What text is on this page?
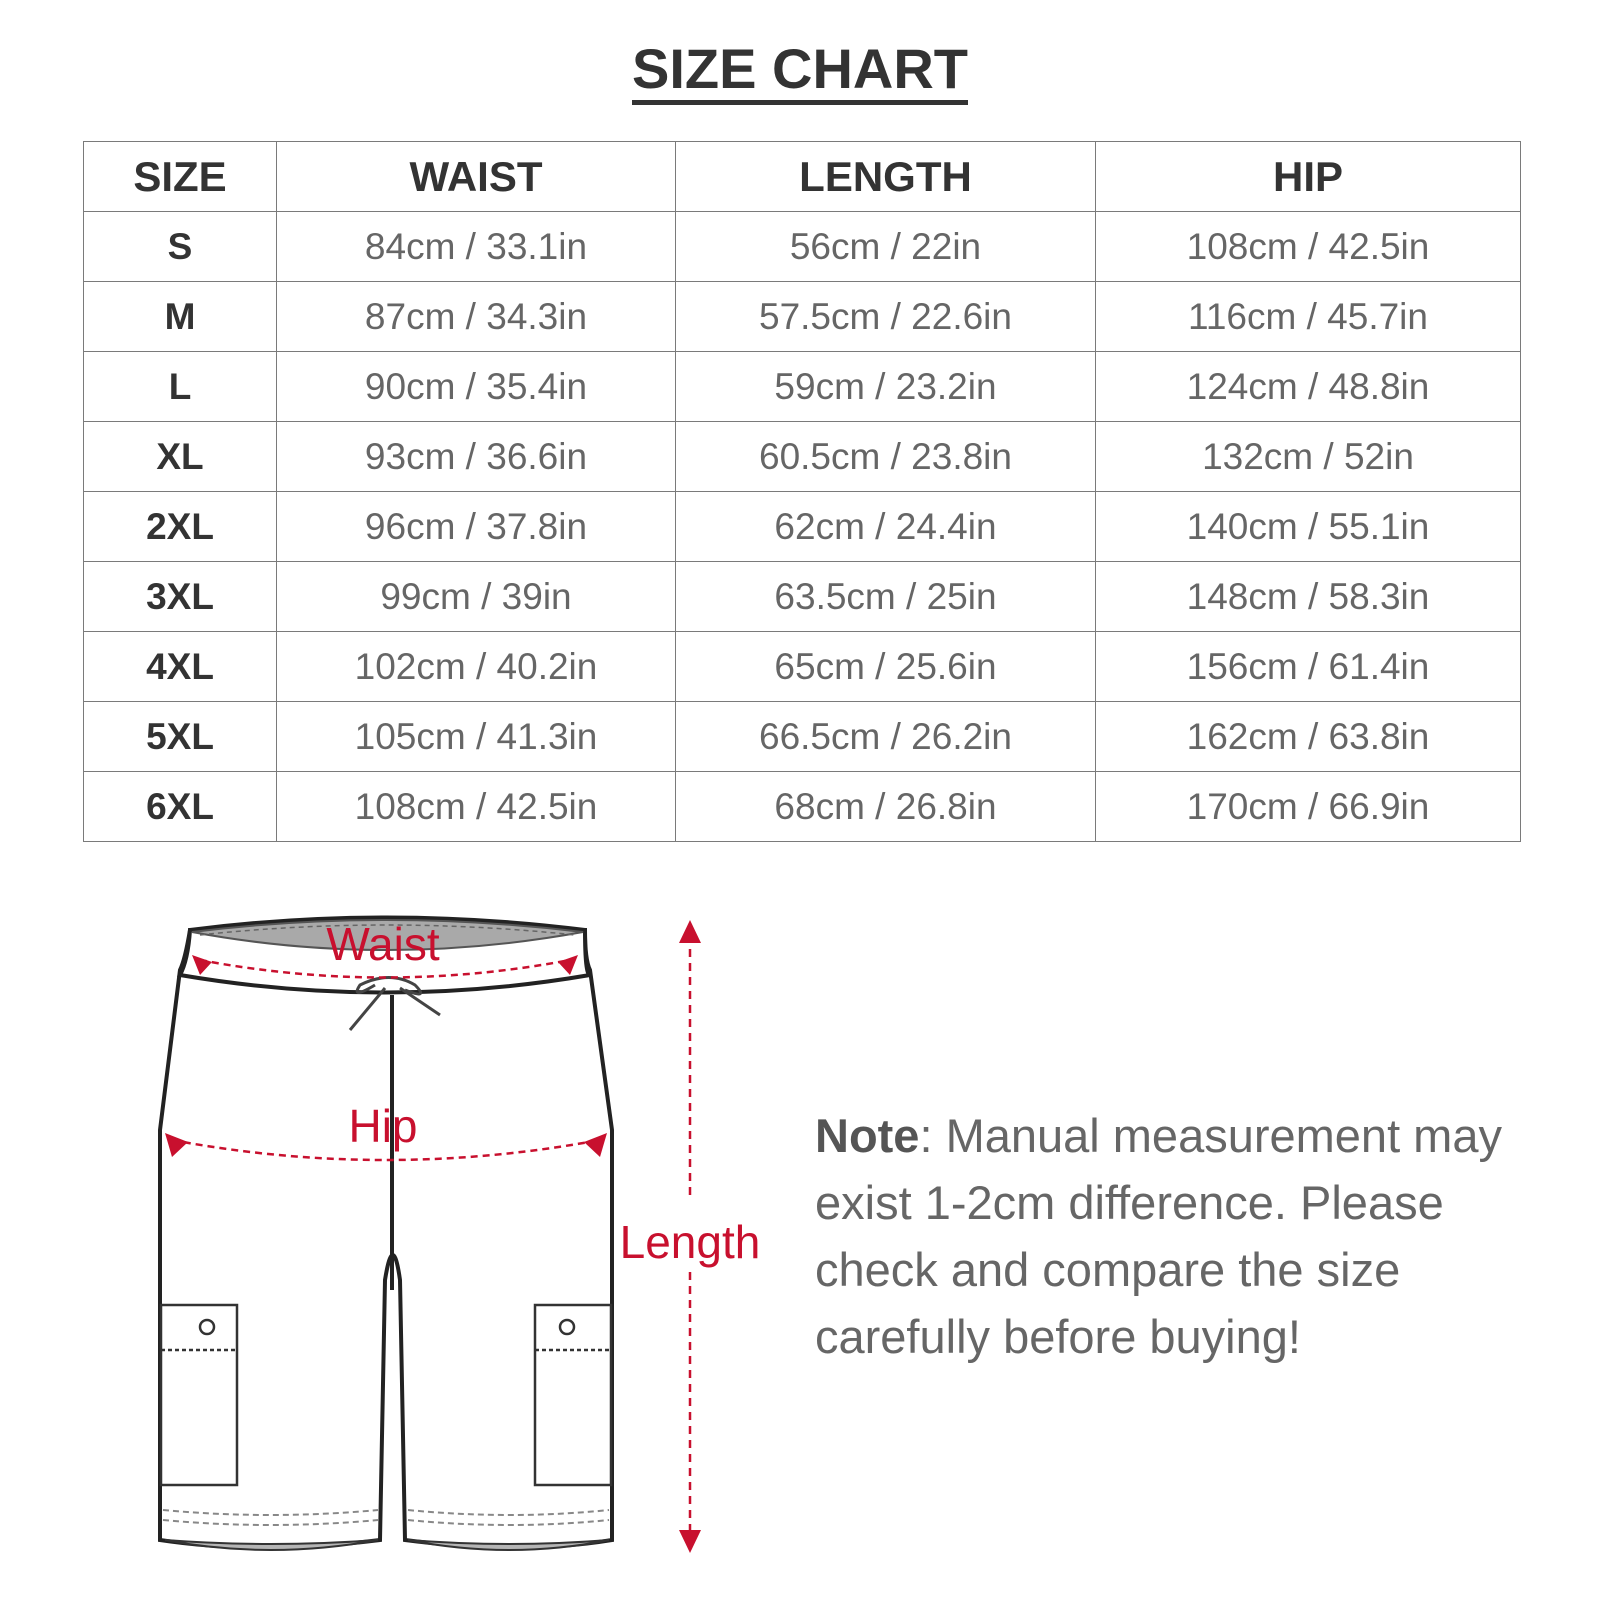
SIZE CHART
SIZE	WAIST	LENGTH	HIP
S	84cm / 33.1in	56cm / 22in	108cm / 42.5in
M	87cm / 34.3in	57.5cm / 22.6in	116cm / 45.7in
L	90cm / 35.4in	59cm / 23.2in	124cm / 48.8in
XL	93cm / 36.6in	60.5cm / 23.8in	132cm / 52in
2XL	96cm / 37.8in	62cm / 24.4in	140cm / 55.1in
3XL	99cm / 39in	63.5cm / 25in	148cm / 58.3in
4XL	102cm / 40.2in	65cm / 25.6in	156cm / 61.4in
5XL	105cm / 41.3in	66.5cm / 26.2in	162cm / 63.8in
6XL	108cm / 42.5in	68cm / 26.8in	170cm / 66.9in
Waist
Hip
Length
Note: Manual measurement may exist 1-2cm difference. Please check and compare the size carefully before buying!
